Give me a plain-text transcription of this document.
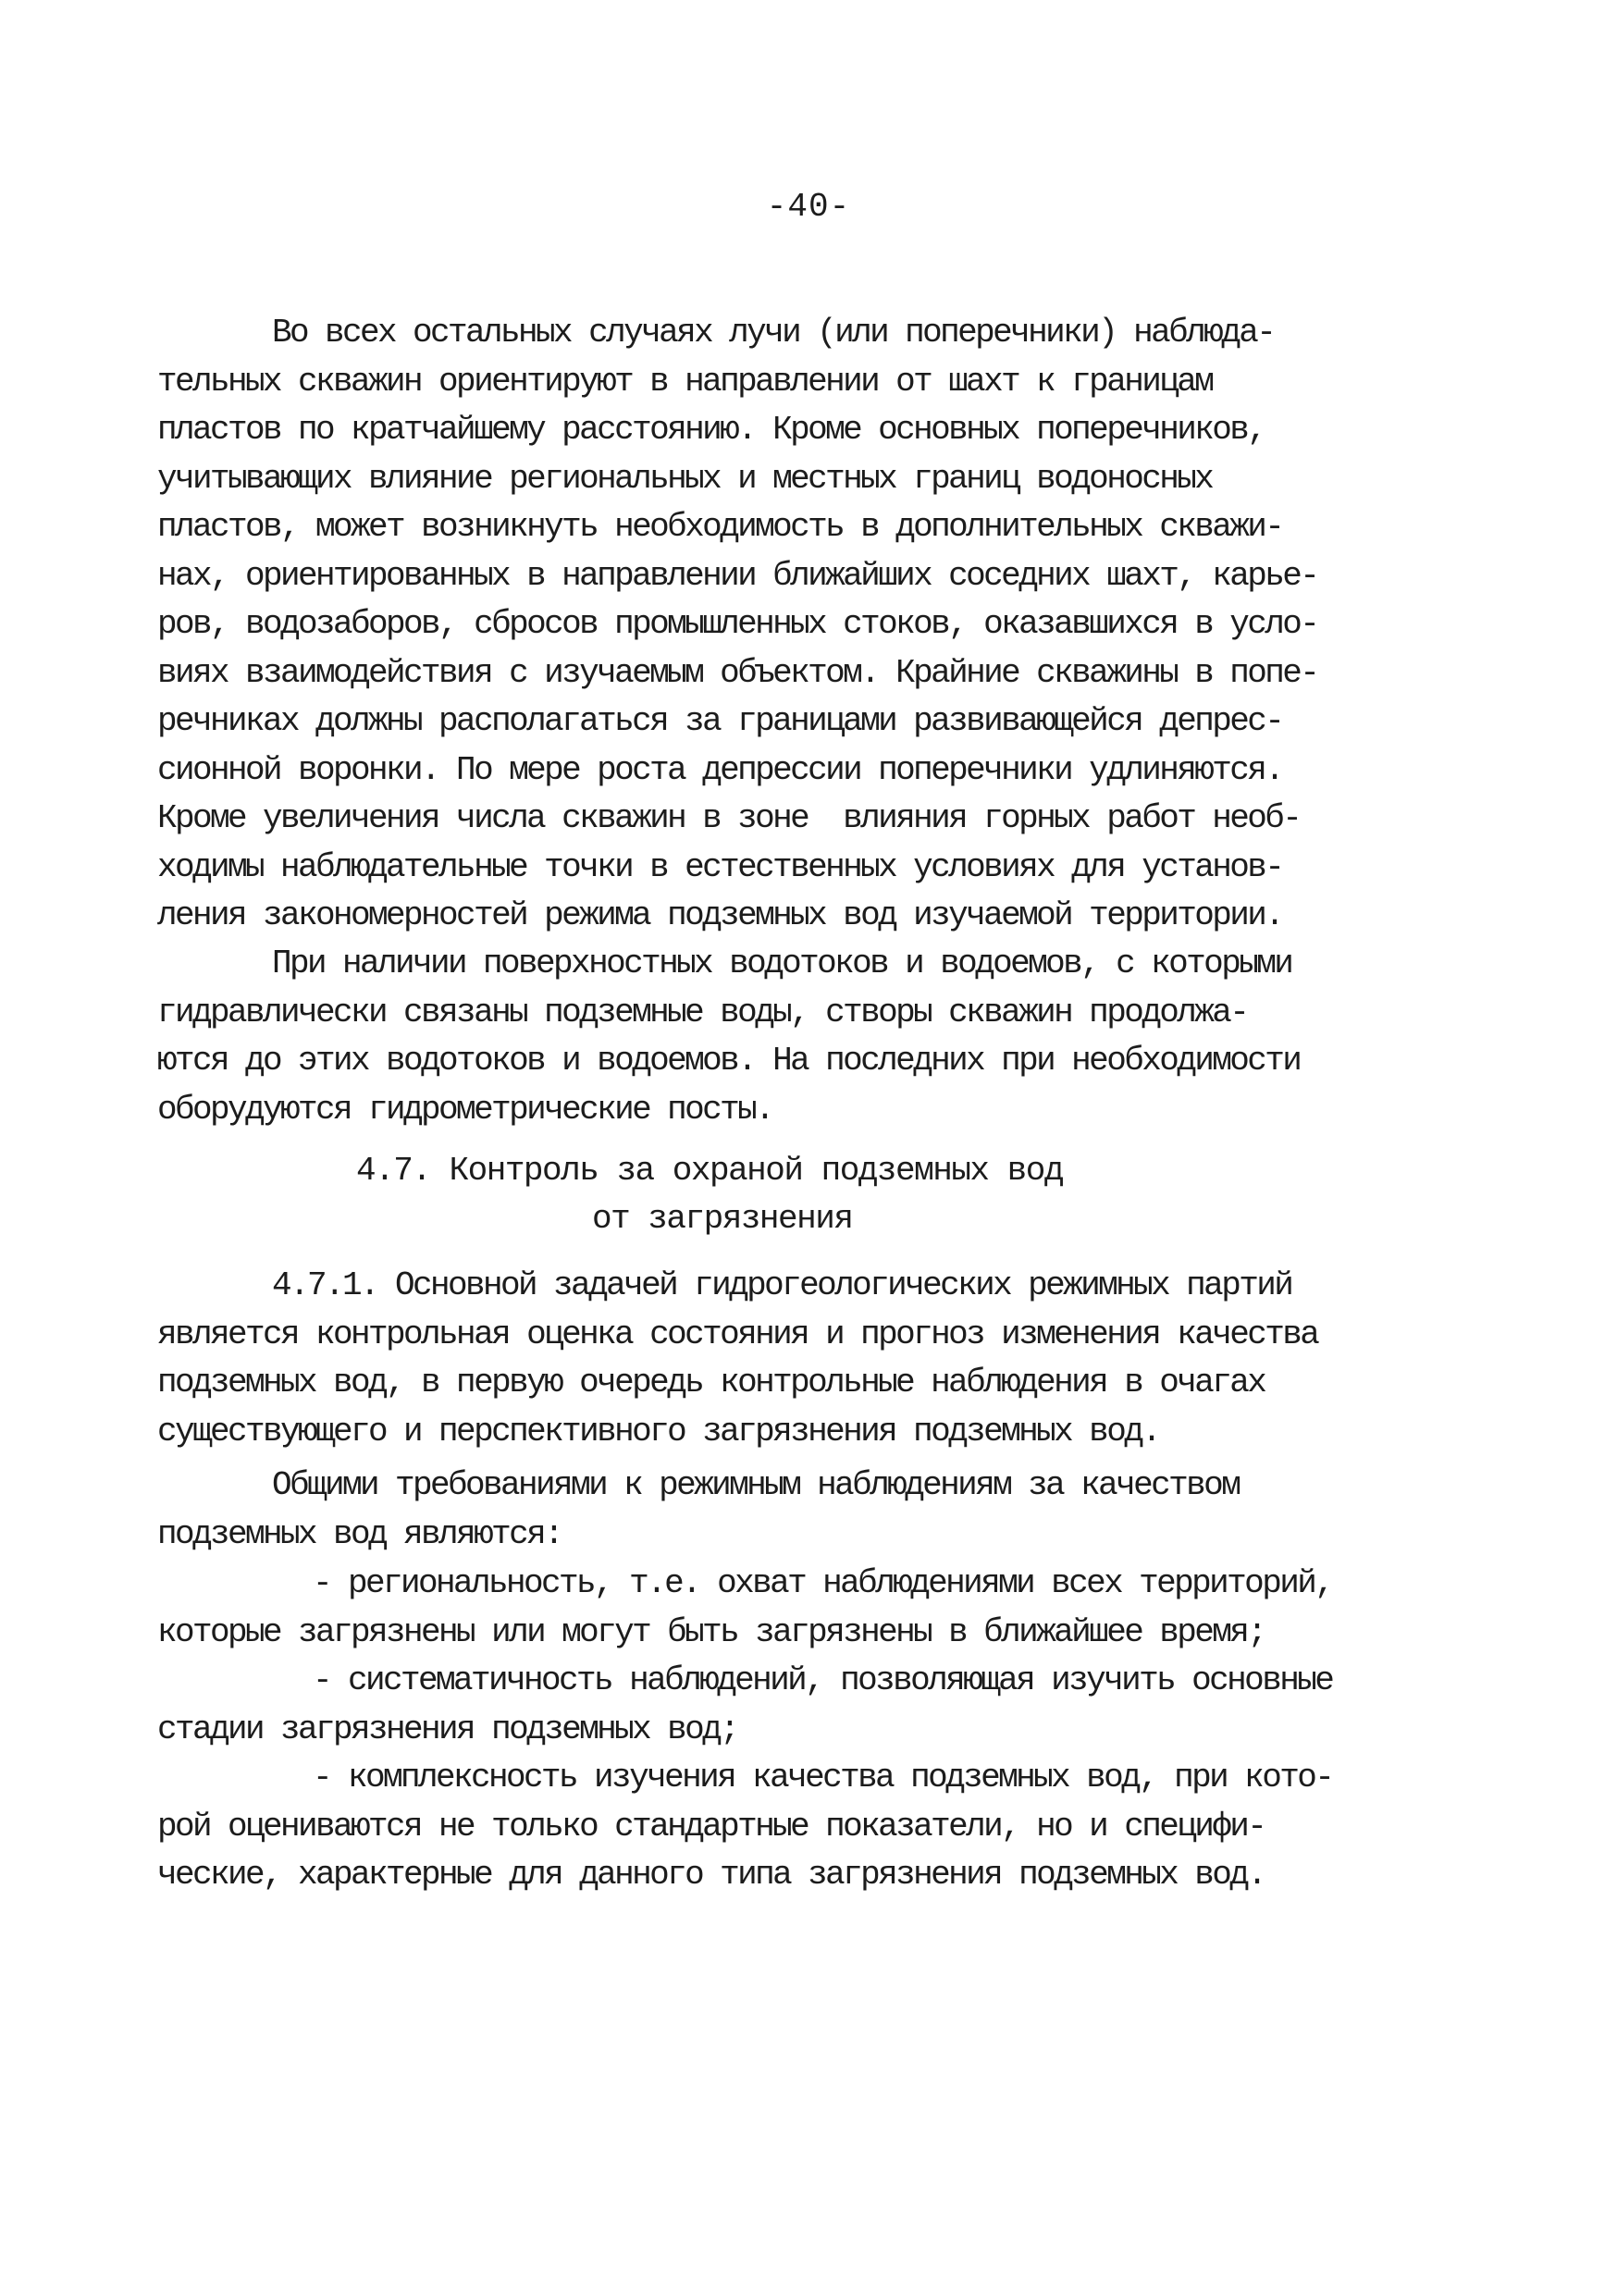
-40-
Во всех остальных случаях лучи (или поперечники) наблюда-
тельных скважин ориентируют в направлении от шахт к границам
пластов по кратчайшему расстоянию. Кроме основных поперечников,
учитывающих влияние региональных и местных границ водоносных
пластов, может возникнуть необходимость в дополнительных скважи-
нах, ориентированных в направлении ближайших соседних шахт, карье-
ров, водозаборов, сбросов промышленных стоков, оказавшихся в усло-
виях взаимодействия с изучаемым объектом. Крайние скважины в попе-
речниках должны располагаться за границами развивающейся депрес-
сионной воронки. По мере роста депрессии поперечники удлиняются.
Кроме увеличения числа скважин в зоне  влияния горных работ необ-
ходимы наблюдательные точки в естественных условиях для установ-
ления закономерностей режима подземных вод изучаемой территории.
При наличии поверхностных водотоков и водоемов, с которыми
гидравлически связаны подземные воды, створы скважин продолжа-
ются до этих водотоков и водоемов. На последних при необходимости
оборудуются гидрометрические посты.
4.7. Контроль за охраной подземных вод
от загрязнения
4.7.1. Основной задачей гидрогеологических режимных партий
является контрольная оценка состояния и прогноз изменения качества
подземных вод, в первую очередь контрольные наблюдения в очагах
существующего и перспективного загрязнения подземных вод.
Общими требованиями к режимным наблюдениям за качеством
подземных вод являются:
- региональность, т.е. охват наблюдениями всех территорий,
которые загрязнены или могут быть загрязнены в ближайшее время;
- систематичность наблюдений, позволяющая изучить основные
стадии загрязнения подземных вод;
- комплексность изучения качества подземных вод, при кото-
рой оцениваются не только стандартные показатели, но и специфи-
ческие, характерные для данного типа загрязнения подземных вод.
